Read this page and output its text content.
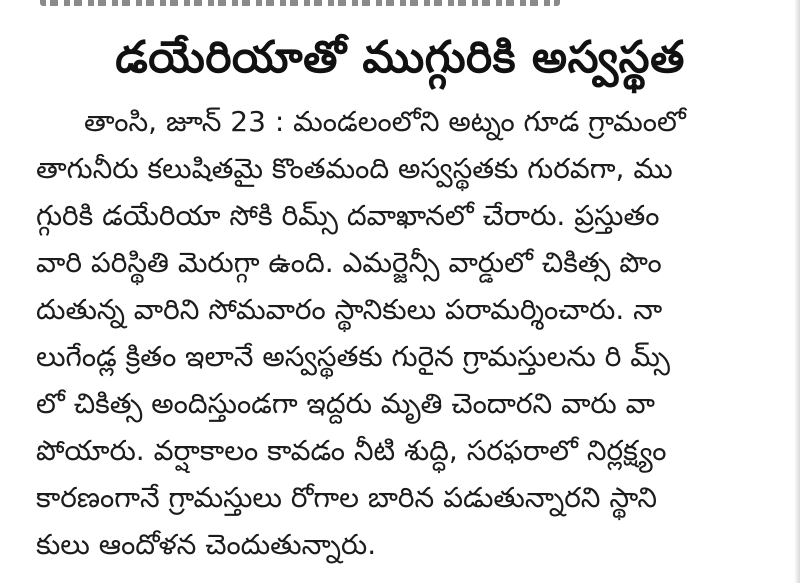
డయేరియాతో ముగ్గురికి అస్వస్థత
తాంసి, జూన్ 23 : మండలంలోని అట్నం గూడ గ్రామంలో
తాగునీరు కలుషితమై కొంతమంది అస్వస్థతకు గురవగా, ము
గ్గురికి డయేరియా సోకి రిమ్స్ దవాఖానలో చేరారు. ప్రస్తుతం
వారి పరిస్థితి మెరుగ్గా ఉంది. ఎమర్జెన్సీ వార్డులో చికిత్స పొం
దుతున్న వారిని సోమవారం స్థానికులు పరామర్శించారు. నా
లుగేండ్ల క్రితం ఇలానే అస్వస్థతకు గురైన గ్రామస్తులను రి మ్స్
లో చికిత్స అందిస్తుండగా ఇద్దరు మృతి చెందారని వారు వా
పోయారు. వర్షాకాలం కావడం నీటి శుద్ధి, సరఫరాలో నిర్లక్ష్యం
కారణంగానే గ్రామస్తులు రోగాల బారిన పడుతున్నారని స్థాని
కులు ఆందోళన చెందుతున్నారు.
